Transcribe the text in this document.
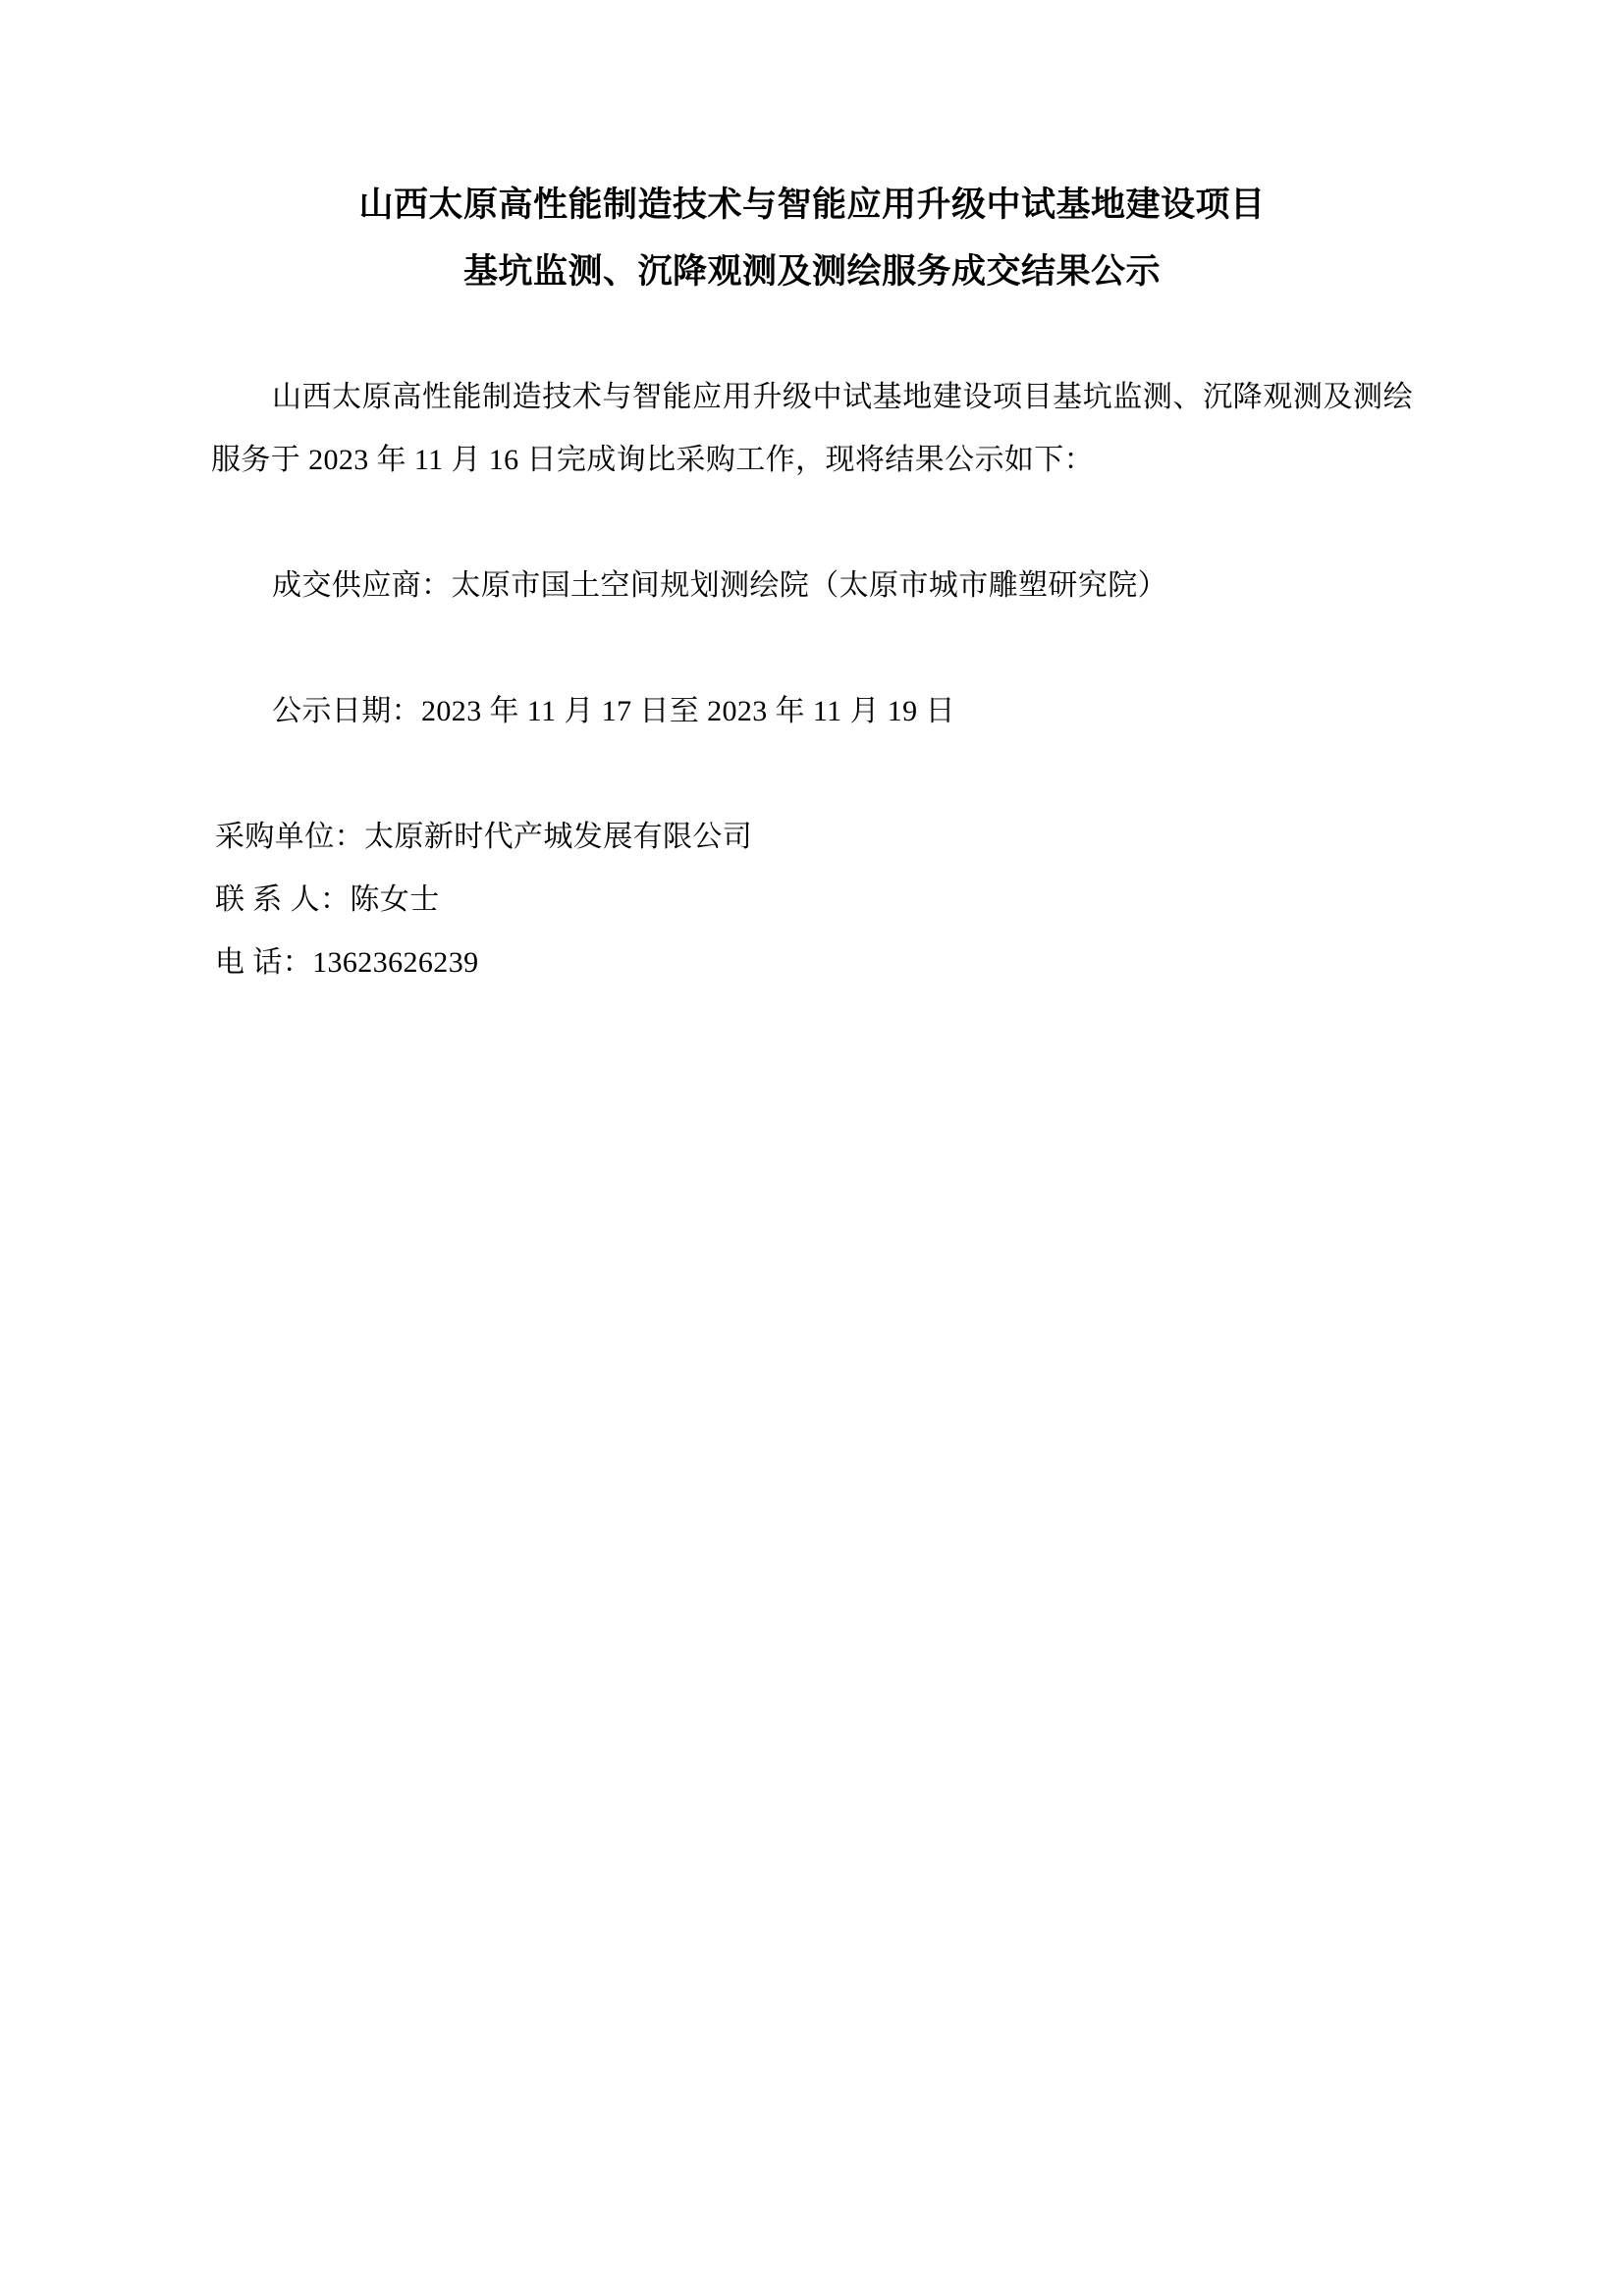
山西太原高性能制造技术与智能应用升级中试基地建设项目
基坑监测、沉降观测及测绘服务成交结果公示

山西太原高性能制造技术与智能应用升级中试基地建设项目基坑监测、沉降观测及测绘服务于 2023 年 11 月 16 日完成询比采购工作，现将结果公示如下：

成交供应商：太原市国土空间规划测绘院（太原市城市雕塑研究院）

公示日期：2023 年 11 月 17 日至 2023 年 11 月 19 日

采购单位：太原新时代产城发展有限公司

联 系 人：陈女士

电 话：13623626239
